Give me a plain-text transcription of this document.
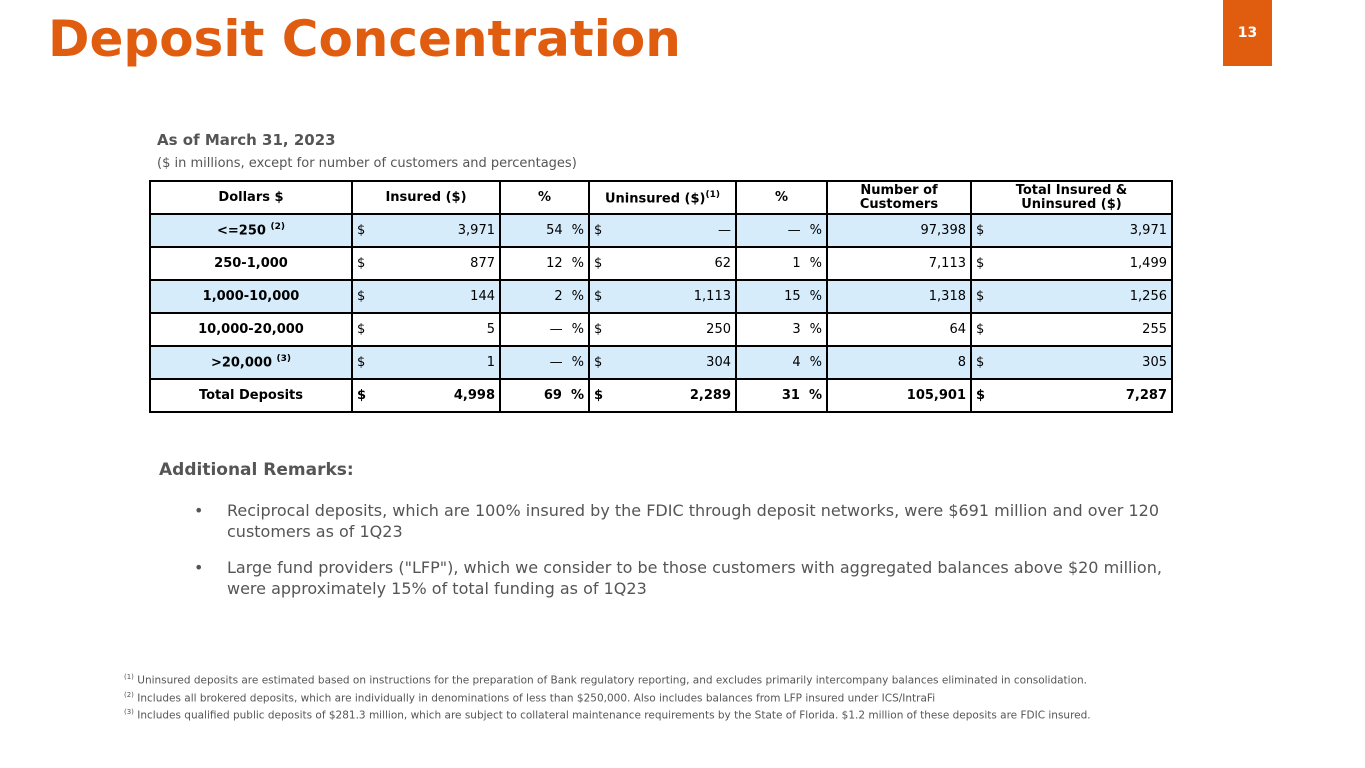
Deposit Concentration	13
As of March 31, 2023
($ in millions, except for number of customers and percentages)
Dollars $	Insured ($)	%	Uninsured ($)$^{(1)}$	%	Number of Customers	Total Insured & Uninsured ($)
<=250 $^{(2)}$	$ 3,971	54 %	$ —	— %	97,398	$ 3,971

250-1,000	$ 877	12 %	$ 62	1 %	7,113	$ 1,499

1,000-10,000	$ 144	2 %	$ 1,113	15 %	1,318	$ 1,256

10,000-20,000	$ 5	— %	$ 250	3 %	64	$ 255

>20,000 $^{(3)}$	$ 1	— %	$ 304	4 %	8	$ 305

Total Deposits	$ 4,998	69 %	$ 2,289	31 %	105,901	$ 7,287
Additional Remarks:
• Reciprocal deposits, which are 100% insured by the FDIC through deposit networks, were $691 million and over 120 customers as of 1Q23
• Large fund providers ("LFP"), which we consider to be those customers with aggregated balances above $20 million, were approximately 15% of total funding as of 1Q23
$^{(1)}$ Uninsured deposits are estimated based on instructions for the preparation of Bank regulatory reporting, and excludes primarily intercompany balances eliminated in consolidation.
$^{(2)}$ Includes all brokered deposits, which are individually in denominations of less than $250,000. Also includes balances from LFP insured under ICS/IntraFi
$^{(3)}$ Includes qualified public deposits of $281.3 million, which are subject to collateral maintenance requirements by the State of Florida. $1.2 million of these deposits are FDIC insured.
